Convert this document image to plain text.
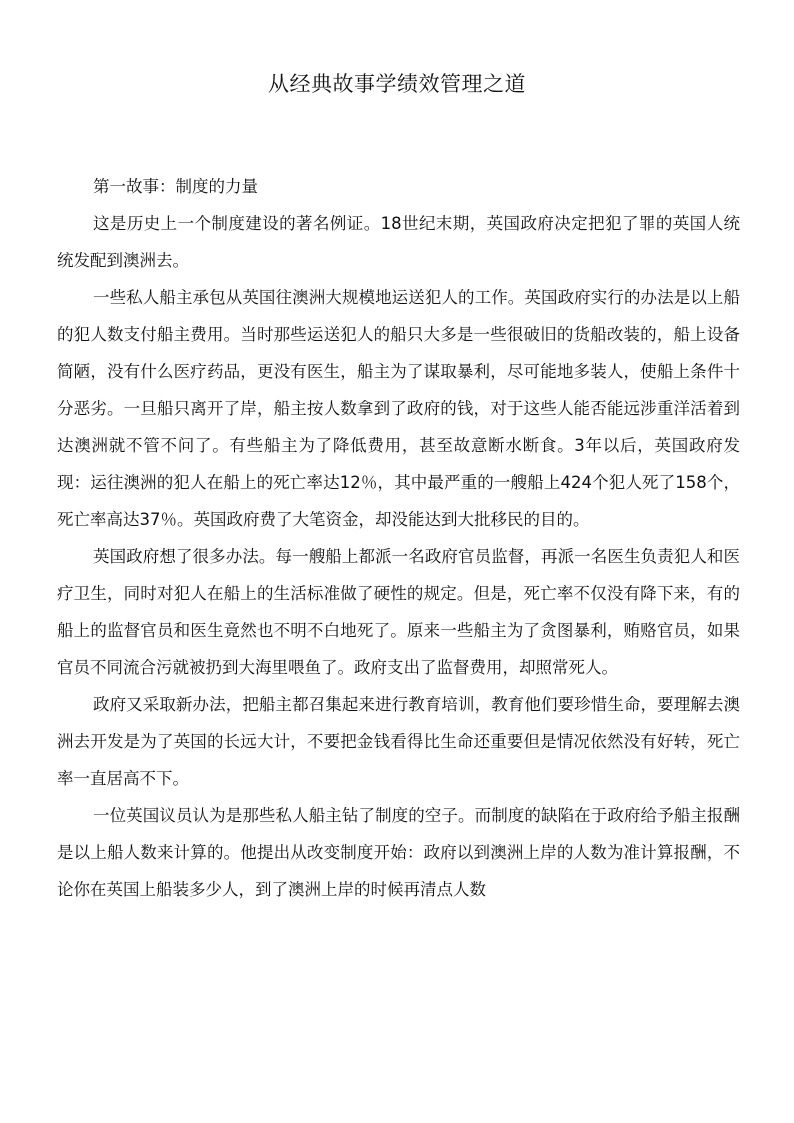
从经典故事学绩效管理之道

第一故事：制度的力量

这是历史上一个制度建设的著名例证。18世纪末期，英国政府决定把犯了罪的英国人统统发配到澳洲去。

一些私人船主承包从英国往澳洲大规模地运送犯人的工作。英国政府实行的办法是以上船的犯人数支付船主费用。当时那些运送犯人的船只大多是一些很破旧的货船改装的，船上设备简陋，没有什么医疗药品，更没有医生，船主为了谋取暴利，尽可能地多装人，使船上条件十分恶劣。一旦船只离开了岸，船主按人数拿到了政府的钱，对于这些人能否能远涉重洋活着到达澳洲就不管不问了。有些船主为了降低费用，甚至故意断水断食。3年以后，英国政府发现：运往澳洲的犯人在船上的死亡率达12％，其中最严重的一艘船上424个犯人死了158个，死亡率高达37％。英国政府费了大笔资金，却没能达到大批移民的目的。

英国政府想了很多办法。每一艘船上都派一名政府官员监督，再派一名医生负责犯人和医疗卫生，同时对犯人在船上的生活标准做了硬性的规定。但是，死亡率不仅没有降下来，有的船上的监督官员和医生竟然也不明不白地死了。原来一些船主为了贪图暴利，贿赂官员，如果官员不同流合污就被扔到大海里喂鱼了。政府支出了监督费用，却照常死人。

政府又采取新办法，把船主都召集起来进行教育培训，教育他们要珍惜生命，要理解去澳洲去开发是为了英国的长远大计，不要把金钱看得比生命还重要但是情况依然没有好转，死亡率一直居高不下。

一位英国议员认为是那些私人船主钻了制度的空子。而制度的缺陷在于政府给予船主报酬是以上船人数来计算的。他提出从改变制度开始：政府以到澳洲上岸的人数为准计算报酬，不论你在英国上船装多少人，到了澳洲上岸的时候再清点人数
